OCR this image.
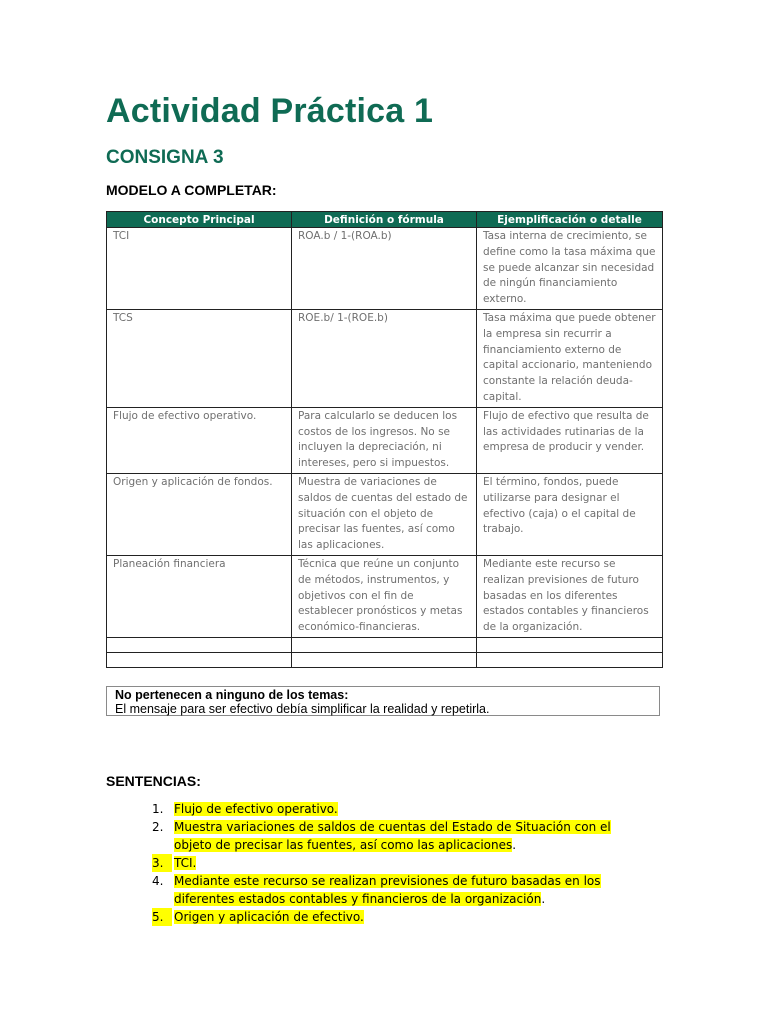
Actividad Práctica 1
CONSIGNA 3

MODELO A COMPLETAR:

Concepto Principal	Definición o fórmula	Ejemplificación o detalle
TCI	ROA.b / 1-(ROA.b)	Tasa interna de crecimiento, se define como la tasa máxima que se puede alcanzar sin necesidad de ningún financiamiento externo.
TCS	ROE.b/ 1-(ROE.b)	Tasa máxima que puede obtener la empresa sin recurrir a financiamiento externo de capital accionario, manteniendo constante la relación deuda-capital.
Flujo de efectivo operativo.	Para calcularlo se deducen los costos de los ingresos. No se incluyen la depreciación, ni intereses, pero si impuestos.	Flujo de efectivo que resulta de las actividades rutinarias de la empresa de producir y vender.
Origen y aplicación de fondos.	Muestra de variaciones de saldos de cuentas del estado de situación con el objeto de precisar las fuentes, así como las aplicaciones.	El término, fondos, puede utilizarse para designar el efectivo (caja) o el capital de trabajo.
Planeación financiera	Técnica que reúne un conjunto de métodos, instrumentos, y objetivos con el fin de establecer pronósticos y metas económico-financieras.	Mediante este recurso se realizan previsiones de futuro basadas en los diferentes estados contables y financieros de la organización.

No pertenecen a ninguno de los temas:
El mensaje para ser efectivo debía simplificar la realidad y repetirla.

SENTENCIAS:

1. Flujo de efectivo operativo.
2. Muestra variaciones de saldos de cuentas del Estado de Situación con el objeto de precisar las fuentes, así como las aplicaciones.
3. TCI.
4. Mediante este recurso se realizan previsiones de futuro basadas en los diferentes estados contables y financieros de la organización.
5. Origen y aplicación de efectivo.
